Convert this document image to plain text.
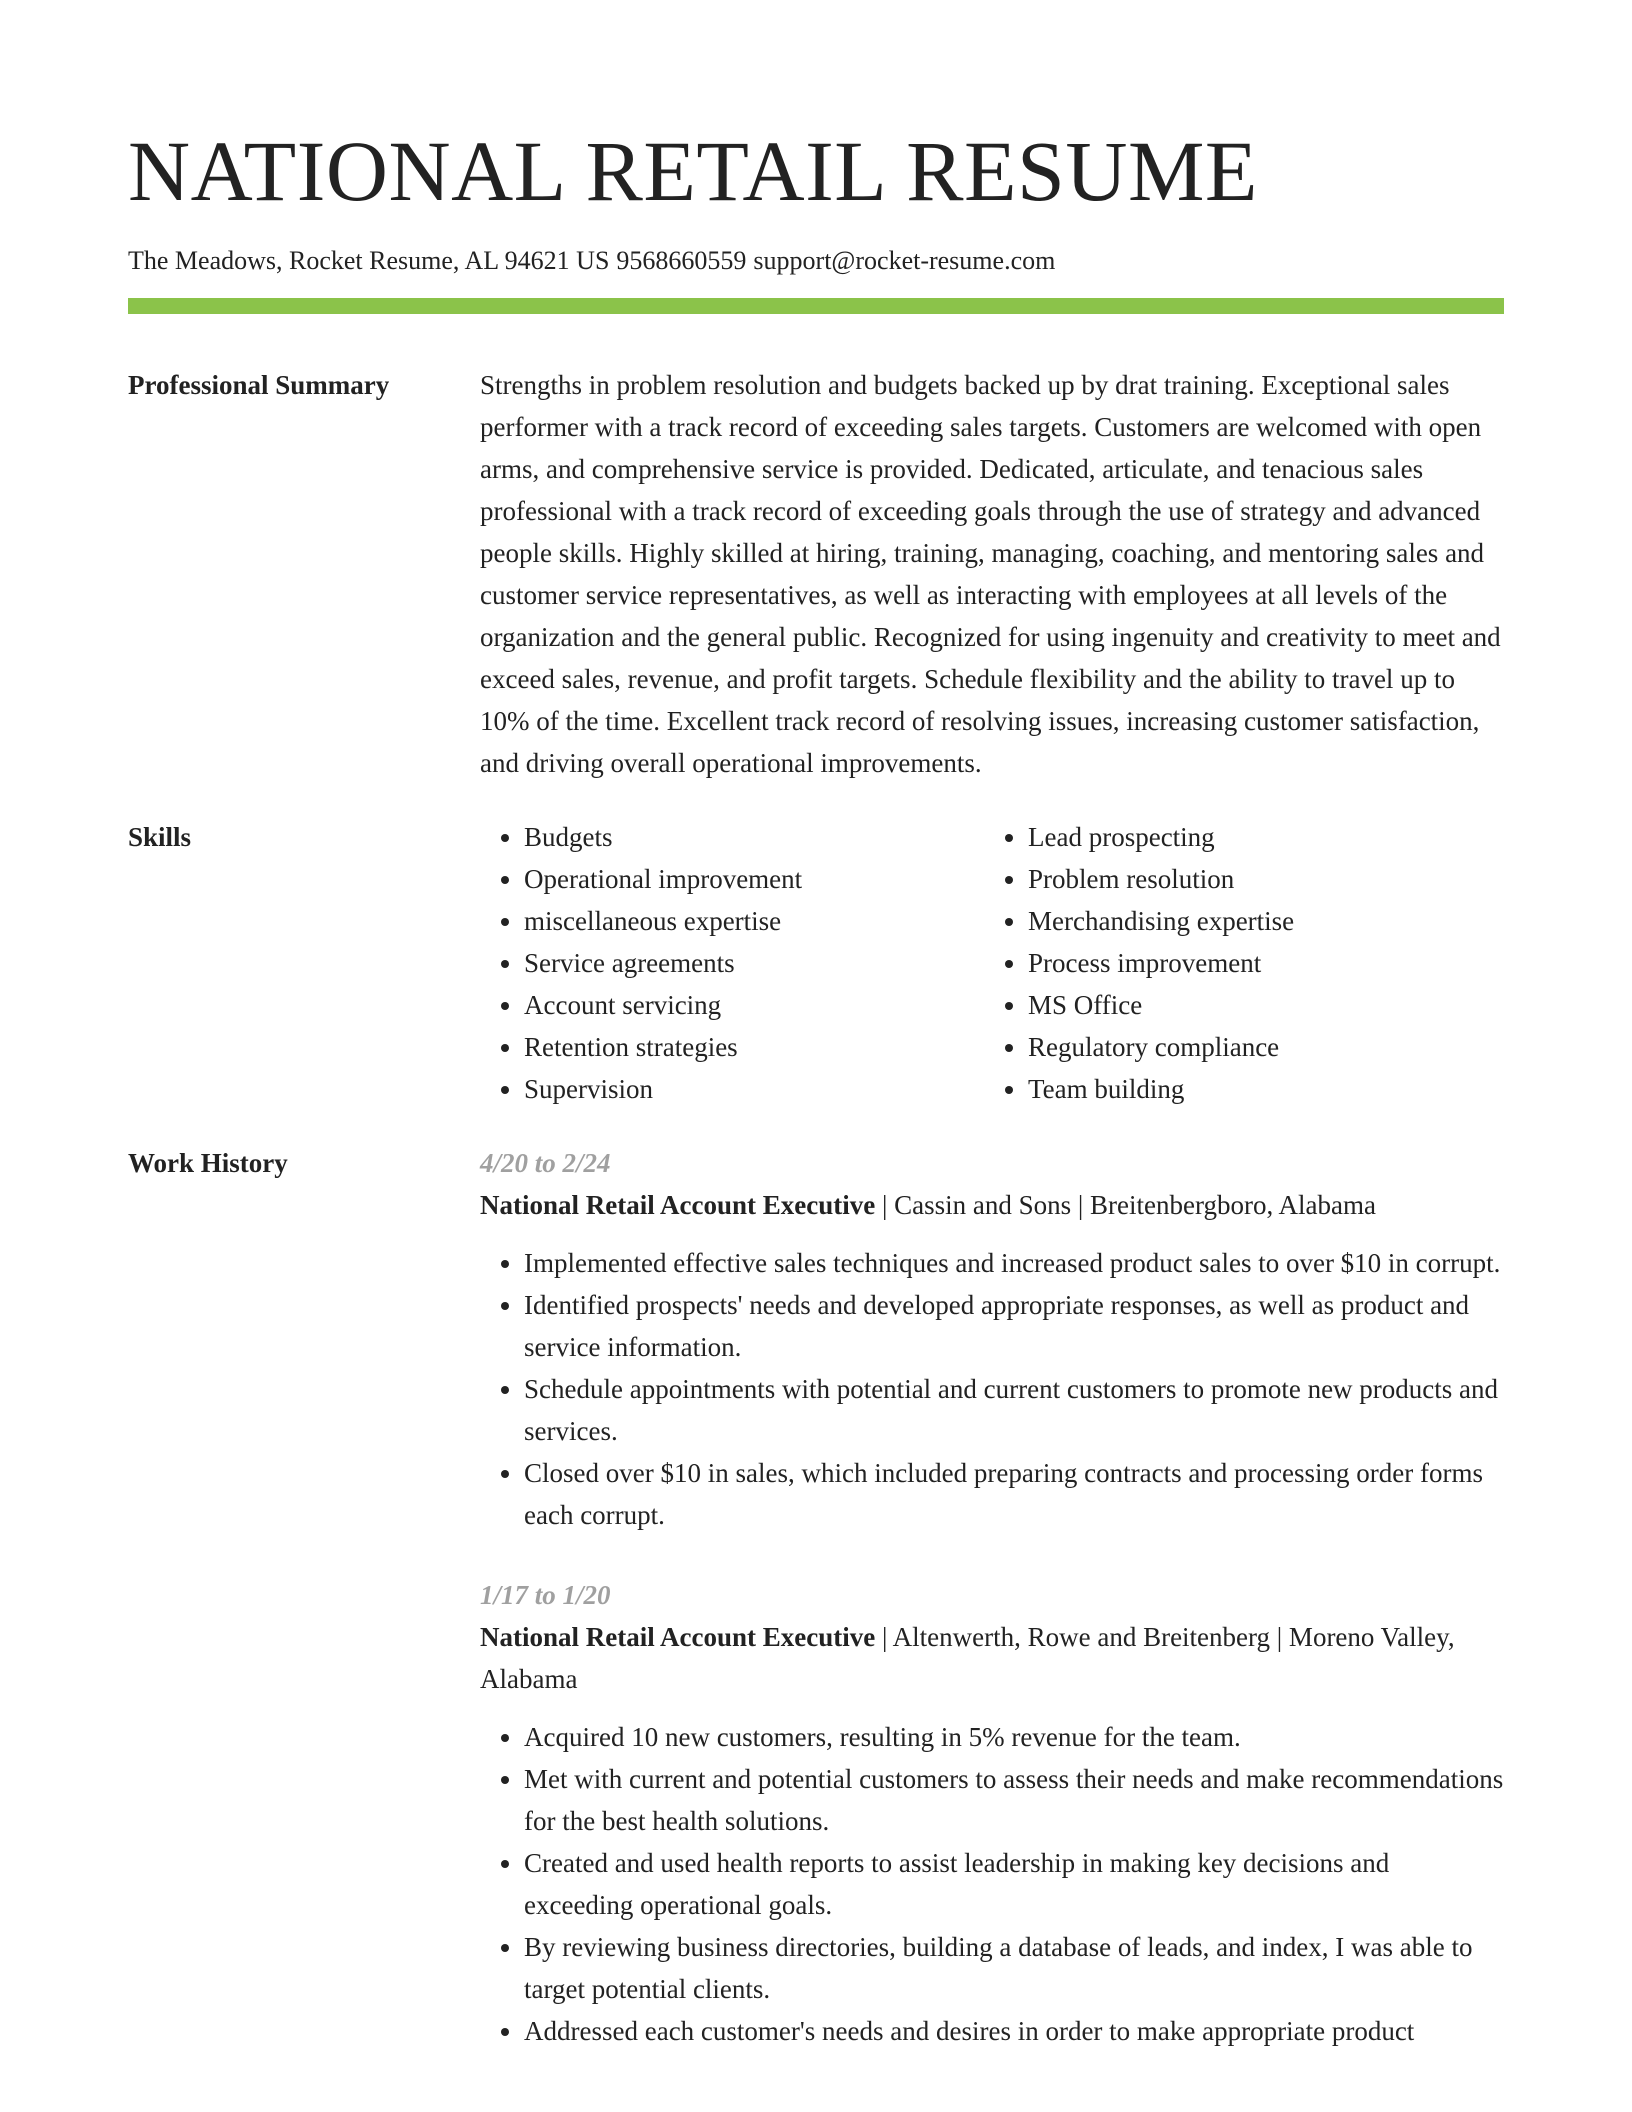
NATIONAL RETAIL RESUME
The Meadows, Rocket Resume, AL 94621 US 9568660559 support@rocket-resume.com
Professional Summary	Strengths in problem resolution and budgets backed up by drat training. Exceptional sales performer with a track record of exceeding sales targets. Customers are welcomed with open arms, and comprehensive service is provided. Dedicated, articulate, and tenacious sales professional with a track record of exceeding goals through the use of strategy and advanced people skills. Highly skilled at hiring, training, managing, coaching, and mentoring sales and customer service representatives, as well as interacting with employees at all levels of the organization and the general public. Recognized for using ingenuity and creativity to meet and exceed sales, revenue, and profit targets. Schedule flexibility and the ability to travel up to 10% of the time. Excellent track record of resolving issues, increasing customer satisfaction, and driving overall operational improvements.
Skills
•	Budgets
• Operational improvement
• miscellaneous expertise
• Service agreements
• Account servicing
• Retention strategies
• Supervision
• Lead prospecting
• Problem resolution
• Merchandising expertise
• Process improvement
• MS Office
• Regulatory compliance
• Team building
Work History	4/20 to 2/24
National Retail Account Executive | Cassin and Sons | Breitenbergboro, Alabama
• Implemented effective sales techniques and increased product sales to over $10 in corrupt.
• Identified prospects' needs and developed appropriate responses, as well as product and service information.
• Schedule appointments with potential and current customers to promote new products and services.
• Closed over $10 in sales, which included preparing contracts and processing order forms each corrupt.
1/17 to 1/20
National Retail Account Executive | Altenwerth, Rowe and Breitenberg | Moreno Valley, Alabama
• Acquired 10 new customers, resulting in 5% revenue for the team.
• Met with current and potential customers to assess their needs and make recommendations for the best health solutions.
• Created and used health reports to assist leadership in making key decisions and exceeding operational goals.
• By reviewing business directories, building a database of leads, and index, I was able to target potential clients.
• Addressed each customer's needs and desires in order to make appropriate product
